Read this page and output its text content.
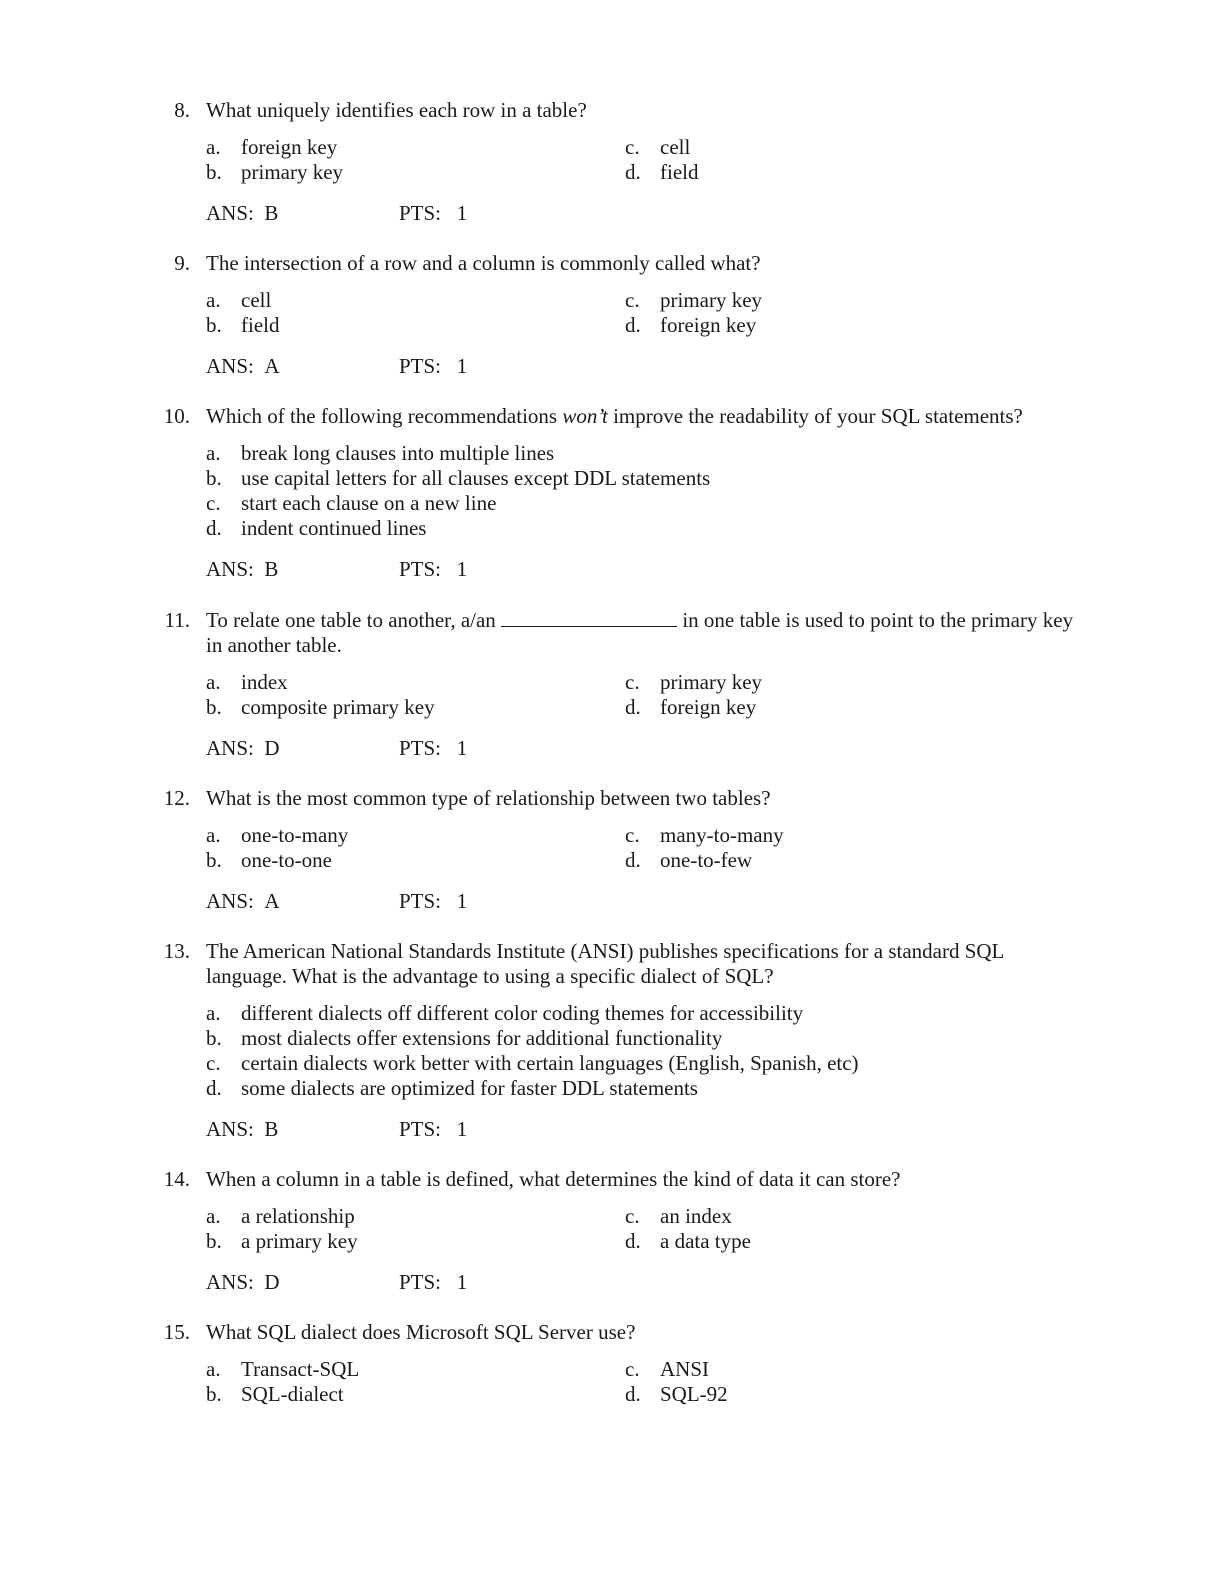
8. What uniquely identifies each row in a table?
a. foreign key
b. primary key
c. cell
d. field
ANS: B	PTS: 1
9. The intersection of a row and a column is commonly called what?
a. cell
b. field
c. primary key
d. foreign key
ANS: A	PTS: 1
10. Which of the following recommendations won’t improve the readability of your SQL statements?
a. break long clauses into multiple lines
b. use capital letters for all clauses except DDL statements
c. start each clause on a new line
d. indent continued lines
ANS: B	PTS: 1
11. To relate one table to another, a/an	in one table is used to point to the primary key
in another table.
a. index
b. composite primary key
c. primary key
d. foreign key
ANS: D	PTS: 1
12. What is the most common type of relationship between two tables?
a. one-to-many
b. one-to-one
c. many-to-many
d. one-to-few
ANS: A	PTS: 1
13. The American National Standards Institute (ANSI) publishes specifications for a standard SQL
language. What is the advantage to using a specific dialect of SQL?
a. different dialects off different color coding themes for accessibility
b. most dialects offer extensions for additional functionality
c. certain dialects work better with certain languages (English, Spanish, etc)
d. some dialects are optimized for faster DDL statements
ANS: B	PTS: 1
14. When a column in a table is defined, what determines the kind of data it can store?
a. a relationship
b. a primary key
c. an index
d. a data type
ANS: D	PTS: 1
15. What SQL dialect does Microsoft SQL Server use?
a. Transact-SQL
b. SQL-dialect
c. ANSI
d. SQL-92
